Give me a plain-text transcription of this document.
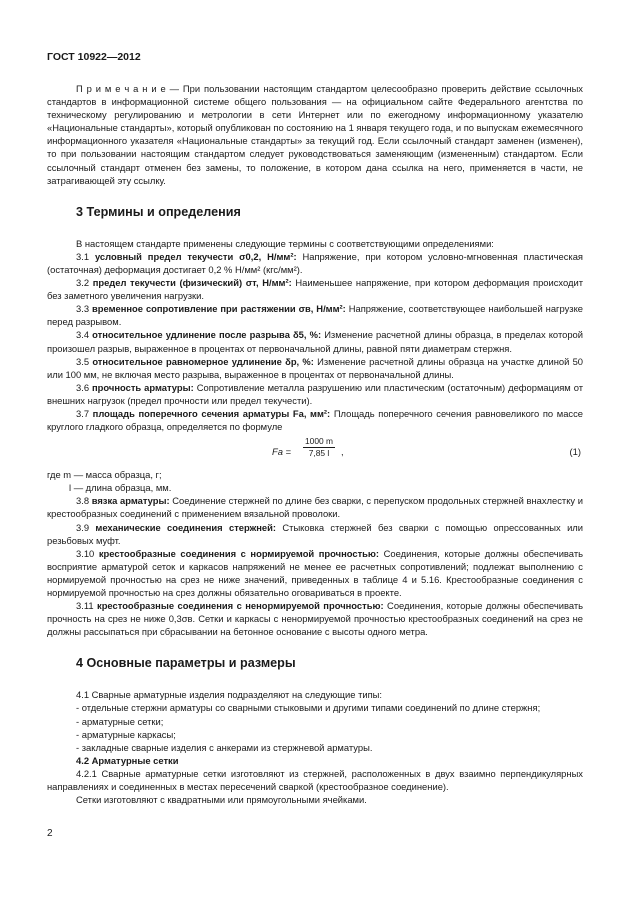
ГОСТ 10922—2012

П р и м е ч а н и е — При пользовании настоящим стандартом целесообразно проверить действие ссылочных стандартов в информационной системе общего пользования — на официальном сайте Федерального агентства по техническому регулированию и метрологии в сети Интернет или по ежегодному информационному указателю «Национальные стандарты», который опубликован по состоянию на 1 января текущего года, и по выпускам ежемесячного информационного указателя «Национальные стандарты» за текущий год. Если ссылочный стандарт заменен (изменен), то при пользовании настоящим стандартом следует руководствоваться заменяющим (измененным) стандартом. Если ссылочный стандарт отменен без замены, то положение, в котором дана ссылка на него, применяется в части, не затрагивающей эту ссылку.

3 Термины и определения

В настоящем стандарте применены следующие термины с соответствующими определениями:

3.1 условный предел текучести σ0,2, Н/мм²: Напряжение, при котором условно-мгновенная пластическая (остаточная) деформация достигает 0,2 % Н/мм² (кгс/мм²).

3.2 предел текучести (физический) σт, Н/мм²: Наименьшее напряжение, при котором деформация происходит без заметного увеличения нагрузки.

3.3 временное сопротивление при растяжении σв, Н/мм²: Напряжение, соответствующее наибольшей нагрузке перед разрывом.

3.4 относительное удлинение после разрыва δ5, %: Изменение расчетной длины образца, в пределах которой произошел разрыв, выраженное в процентах от первоначальной длины, равной пяти диаметрам стержня.

3.5 относительное равномерное удлинение δр, %: Изменение расчетной длины образца на участке длиной 50 или 100 мм, не включая место разрыва, выраженное в процентах от первоначальной длины.

3.6 прочность арматуры: Сопротивление металла разрушению или пластическим (остаточным) деформациям от внешних нагрузок (предел прочности или предел текучести).

3.7 площадь поперечного сечения арматуры Fа, мм²: Площадь поперечного сечения равновеликого по массе круглого гладкого образца, определяется по формуле

Fа = $\frac{1000 m}{7,85 l}$ ,	(1)

где m — масса образца, г;

l — длина образца, мм.

3.8 вязка арматуры: Соединение стержней по длине без сварки, с перепуском продольных стержней внахлестку и крестообразных соединений с применением вязальной проволоки.

3.9 механические соединения стержней: Стыковка стержней без сварки с помощью опрессованных или резьбовых муфт.

3.10 крестообразные соединения с нормируемой прочностью: Соединения, которые должны обеспечивать восприятие арматурой сеток и каркасов напряжений не менее ее расчетных сопротивлений; подлежат выполнению с нормируемой прочностью на срез не ниже значений, приведенных в таблице 4 и 5.16. Крестообразные соединения с нормируемой прочностью на срез должны обязательно оговариваться в проекте.

3.11 крестообразные соединения с ненормируемой прочностью: Соединения, которые должны обеспечивать прочность на срез не ниже 0,3σв. Сетки и каркасы с ненормируемой прочностью крестообразных соединений на срез не должны рассыпаться при сбрасывании на бетонное основание с высоты одного метра.

4 Основные параметры и размеры

4.1 Сварные арматурные изделия подразделяют на следующие типы:

- отдельные стержни арматуры со сварными стыковыми и другими типами соединений по длине стержня;

- арматурные сетки;

- арматурные каркасы;

- закладные сварные изделия с анкерами из стержневой арматуры.

4.2 Арматурные сетки

4.2.1 Сварные арматурные сетки изготовляют из стержней, расположенных в двух взаимно перпендикулярных направлениях и соединенных в местах пересечений сваркой (крестообразное соединение).

Сетки изготовляют с квадратными или прямоугольными ячейками.

2
